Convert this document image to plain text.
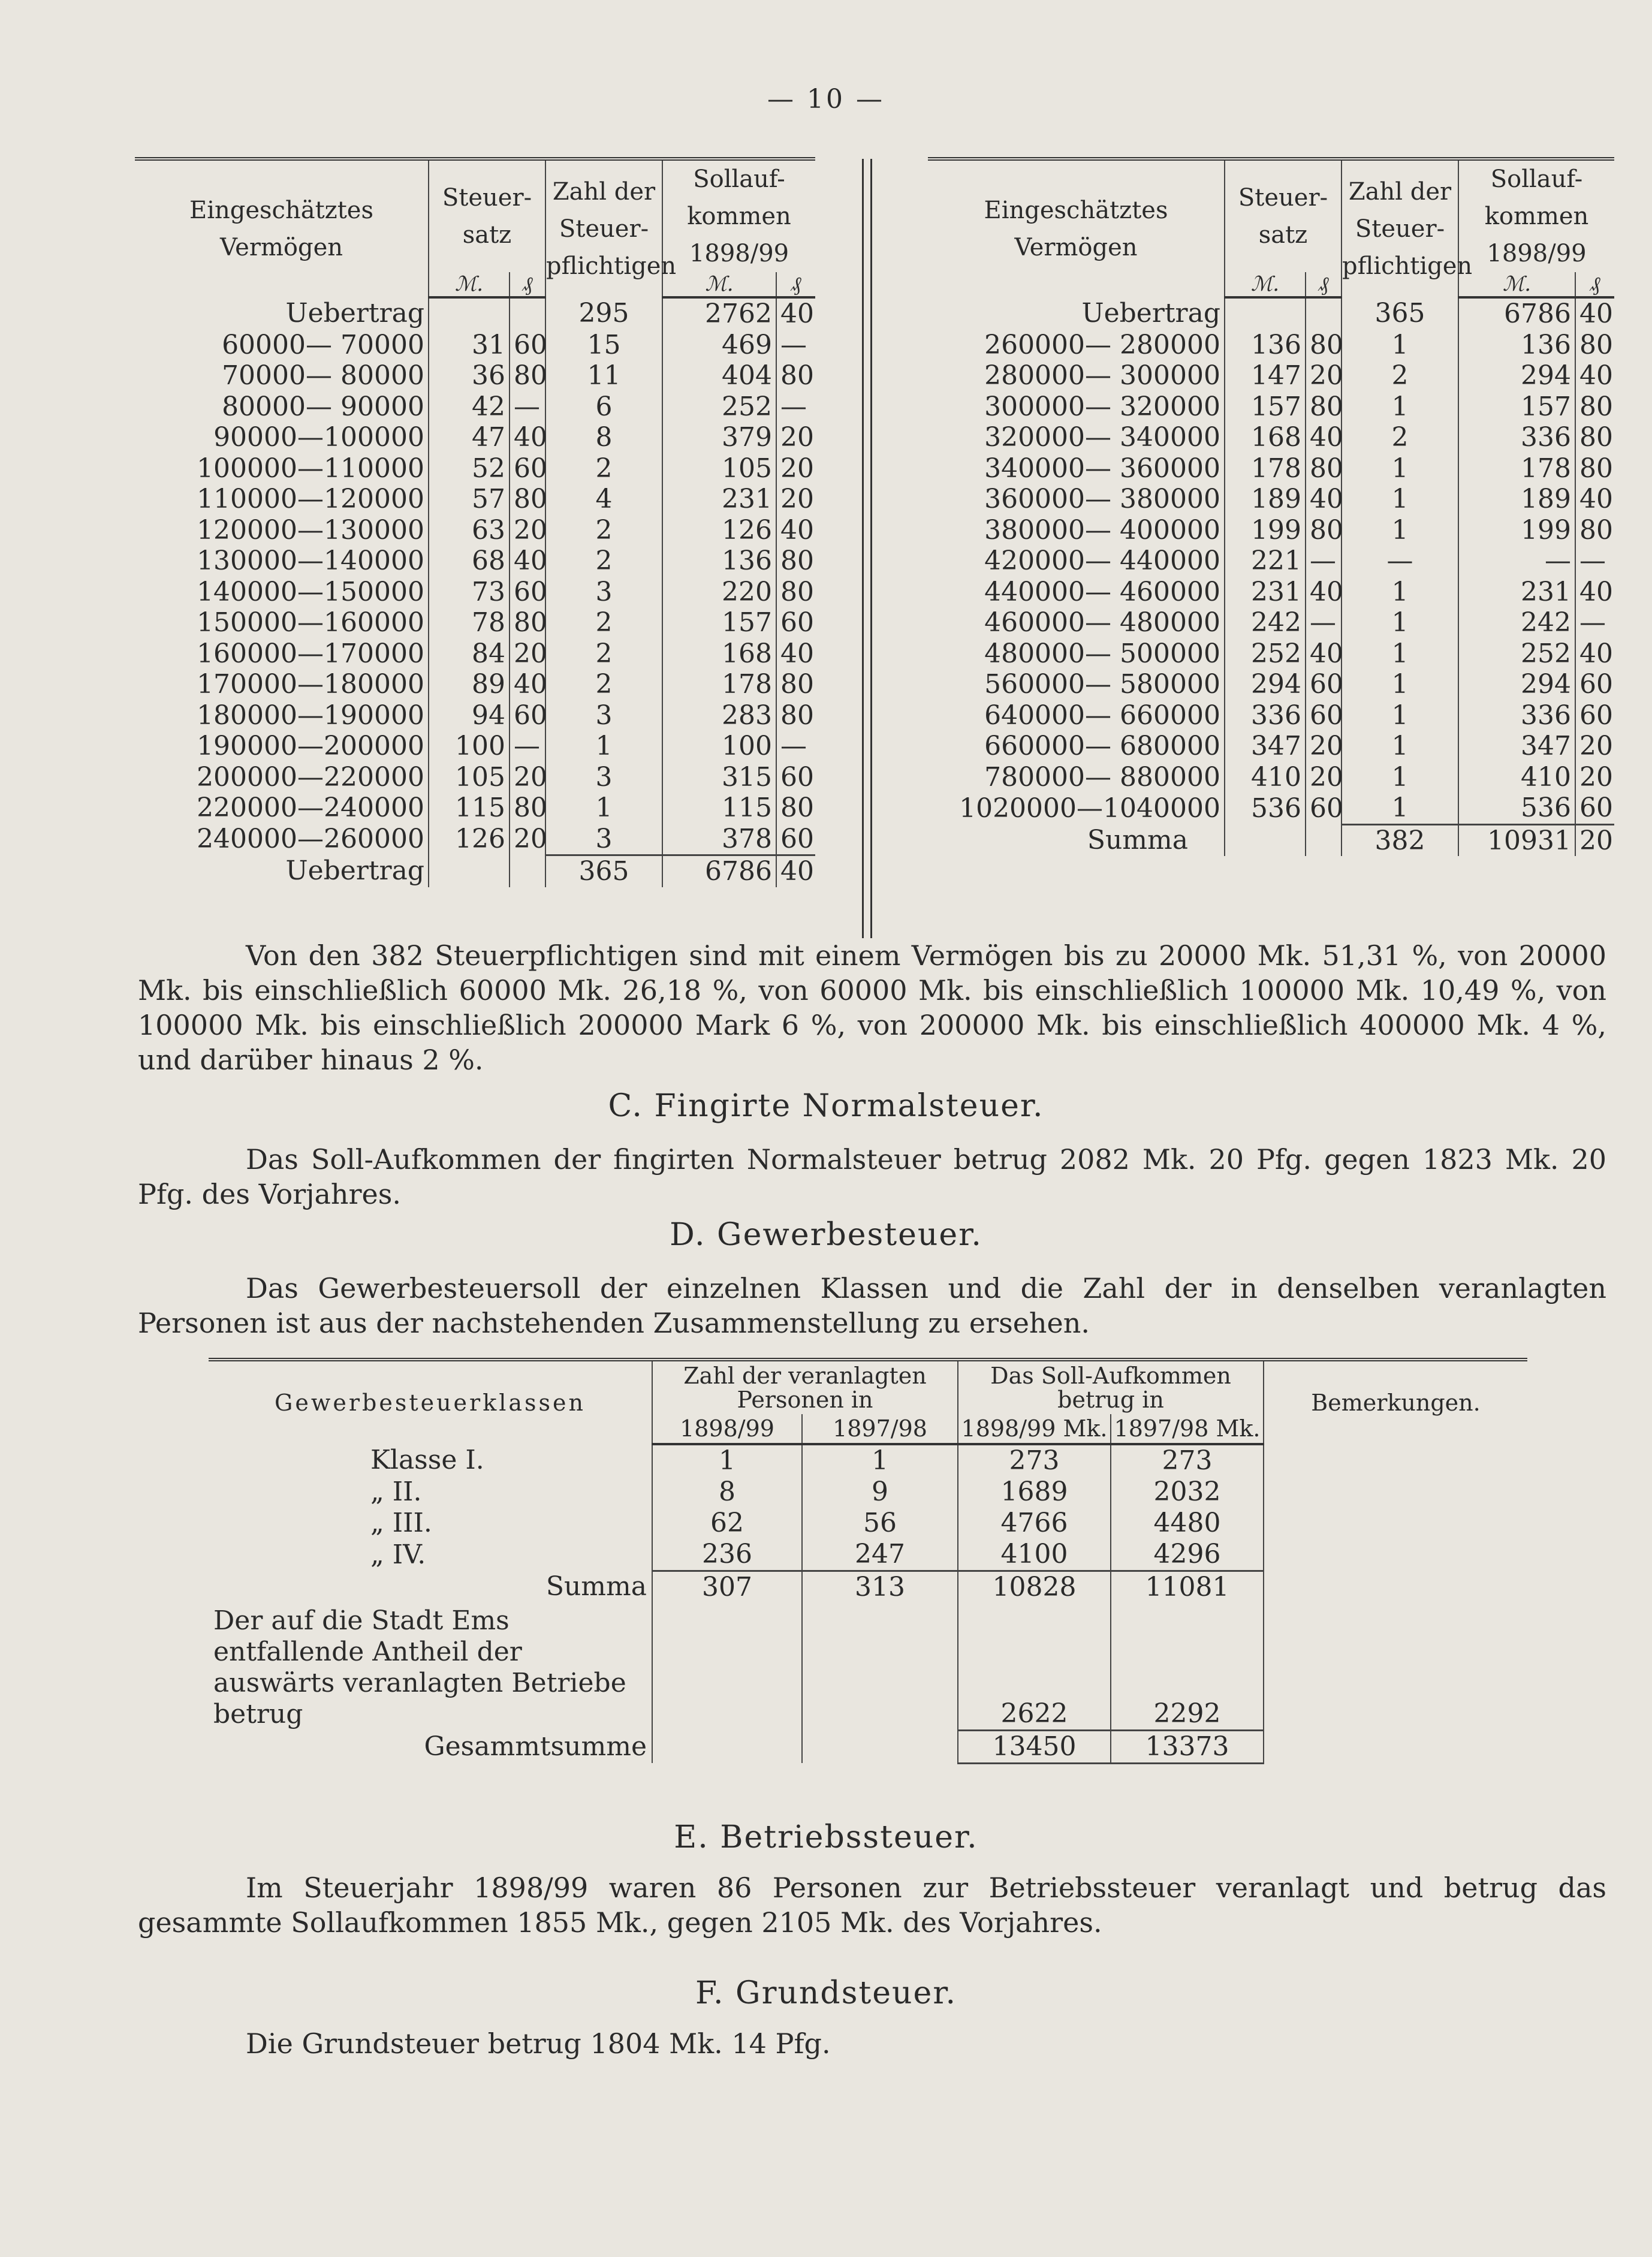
— 10 —
Eingeschätztes Vermögen	Steuer-satz		Zahl der Steuer-pflichtigen	Sollauf-kommen 1898/99	
	ℳ.	₰		ℳ.	₰
Uebertrag			295	2762	40
60000— 70000	31	60	15	469	—
70000— 80000	36	80	11	404	80
80000— 90000	42	—	6	252	—
90000—100000	47	40	8	379	20
100000—110000	52	60	2	105	20
110000—120000	57	80	4	231	20
120000—130000	63	20	2	126	40
130000—140000	68	40	2	136	80
140000—150000	73	60	3	220	80
150000—160000	78	80	2	157	60
160000—170000	84	20	2	168	40
170000—180000	89	40	2	178	80
180000—190000	94	60	3	283	80
190000—200000	100	—	1	100	—
200000—220000	105	20	3	315	60
220000—240000	115	80	1	115	80
240000—260000	126	20	3	378	60
Uebertrag			365	6786	40
Eingeschätztes Vermögen	Steuer-satz		Zahl der Steuer-pflichtigen	Sollauf-kommen 1898/99	
	ℳ.	₰		ℳ.	₰
Uebertrag			365	6786	40
260000— 280000	136	80	1	136	80
280000— 300000	147	20	2	294	40
300000— 320000	157	80	1	157	80
320000— 340000	168	40	2	336	80
340000— 360000	178	80	1	178	80
360000— 380000	189	40	1	189	40
380000— 400000	199	80	1	199	80
420000— 440000	221	—	—	—	—
440000— 460000	231	40	1	231	40
460000— 480000	242	—	1	242	—
480000— 500000	252	40	1	252	40
560000— 580000	294	60	1	294	60
640000— 660000	336	60	1	336	60
660000— 680000	347	20	1	347	20
780000— 880000	410	20	1	410	20
1020000—1040000	536	60	1	536	60
Summa			382	10931	20

Von den 382 Steuerpflichtigen sind mit einem Vermögen bis zu 20000 Mk. 51,31 %, von 20000 Mk. bis einschließlich 60000 Mk. 26,18 %, von 60000 Mk. bis einschließlich 100000 Mk. 10,49 %, von 100000 Mk. bis einschließlich 200000 Mark 6 %, von 200000 Mk. bis einschließlich 400000 Mk. 4 %, und darüber hinaus 2 %.

C. Fingirte Normalsteuer.

Das Soll-Aufkommen der fingirten Normalsteuer betrug 2082 Mk. 20 Pfg. gegen 1823 Mk. 20 Pfg. des Vorjahres.

D. Gewerbesteuer.

Das Gewerbesteuersoll der einzelnen Klassen und die Zahl der in denselben veranlagten Personen ist aus der nachstehenden Zusammenstellung zu ersehen.

Gewerbesteuerklassen	Zahl der veranlagten Personen in		Das Soll-Aufkommen betrug in		Bemerkungen.
	1898/99	1897/98	1898/99 Mk.	1897/98 Mk.	
Klasse I.	1	1	273	273	
„ II.	8	9	1689	2032	
„ III.	62	56	4766	4480	
„ IV.	236	247	4100	4296	
Summa	307	313	10828	11081	
Der auf die Stadt Ems entfallende Antheil der auswärts veranlagten Betriebe betrug			2622	2292	
Gesammtsumme			13450	13373	
E. Betriebssteuer.

Im Steuerjahr 1898/99 waren 86 Personen zur Betriebssteuer veranlagt und betrug das gesammte Sollaufkommen 1855 Mk., gegen 2105 Mk. des Vorjahres.

F. Grundsteuer.

Die Grundsteuer betrug 1804 Mk. 14 Pfg.
